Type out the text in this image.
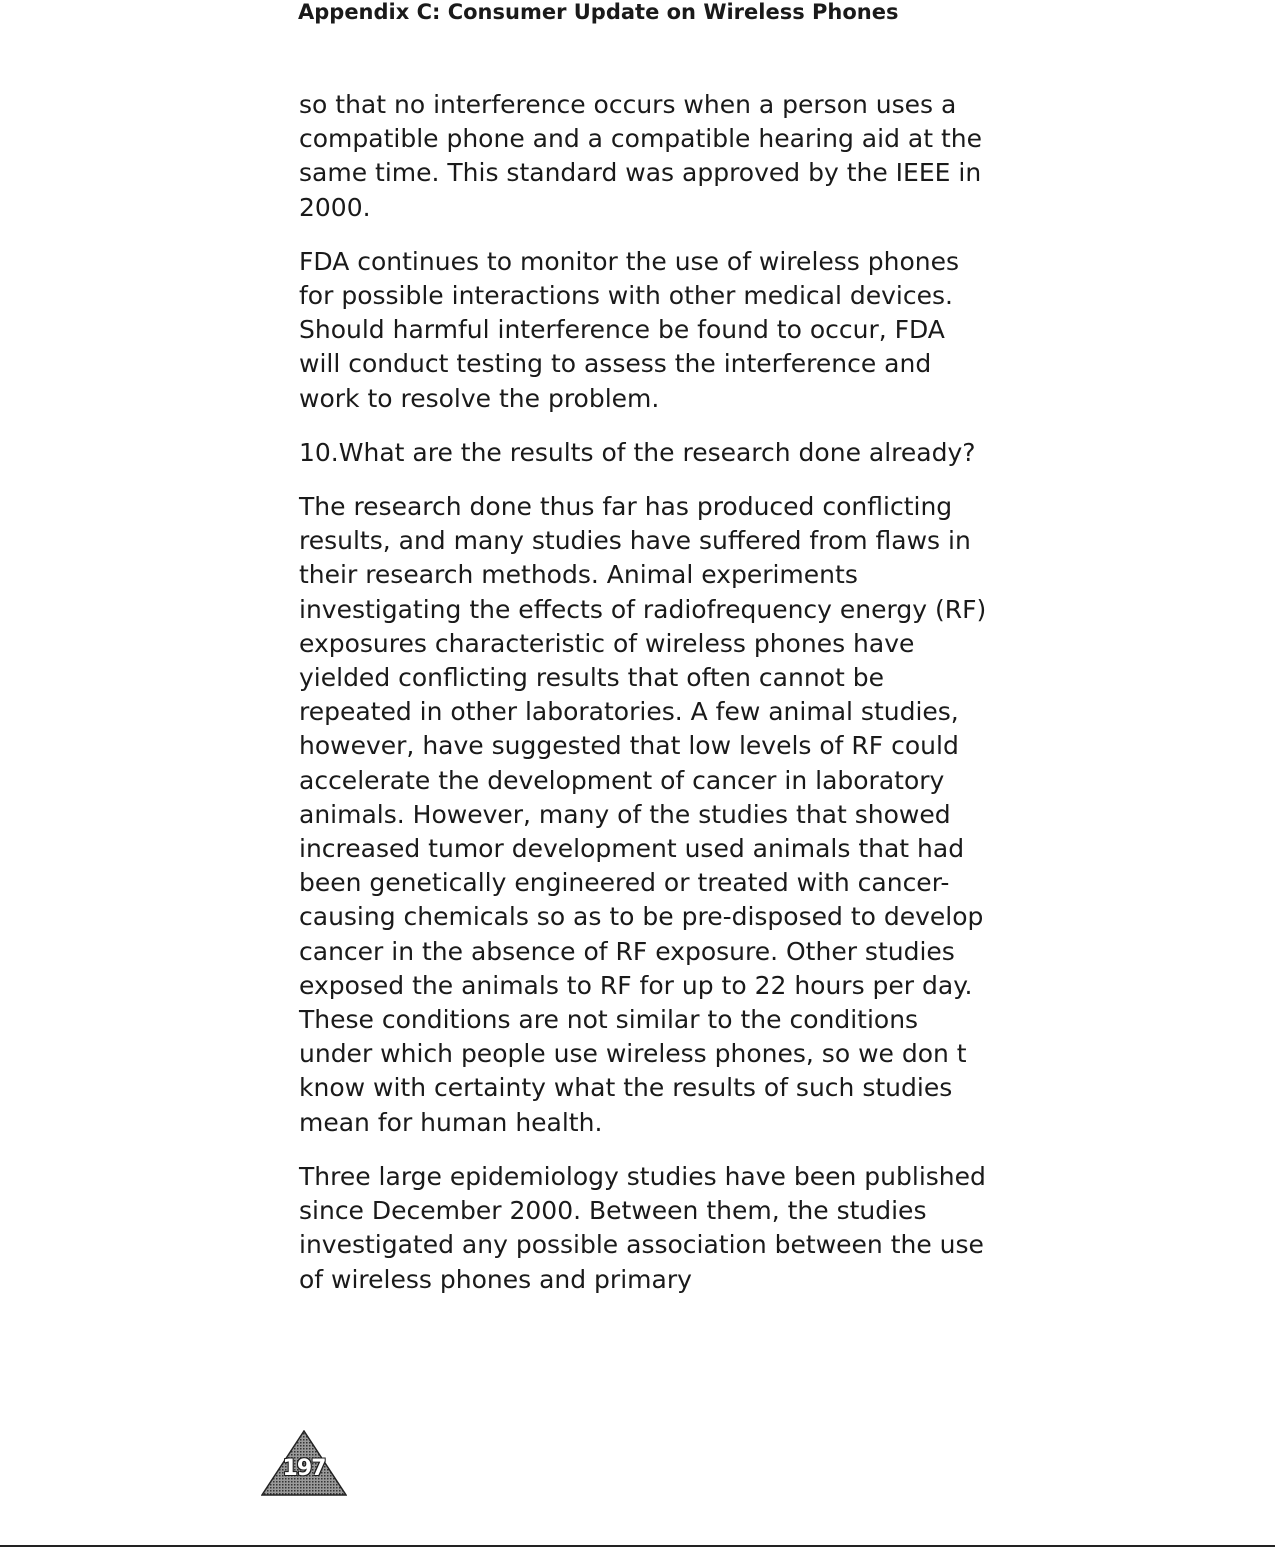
Appendix C: Consumer Update on Wireless Phones

so that no interference occurs when a person uses a compatible phone and a compatible hearing aid at the same time. This standard was approved by the IEEE in 2000.

FDA continues to monitor the use of wireless phones for possible interactions with other medical devices. Should harmful interference be found to occur, FDA will conduct testing to assess the interference and work to resolve the problem.

10.What are the results of the research done already?

The research done thus far has produced conflicting results, and many studies have suffered from flaws in their research methods. Animal experiments investigating the effects of radiofrequency energy (RF) exposures characteristic of wireless phones have yielded conflicting results that often cannot be repeated in other laboratories. A few animal studies, however, have suggested that low levels of RF could accelerate the development of cancer in laboratory animals. However, many of the studies that showed increased tumor development used animals that had been genetically engineered or treated with cancer-causing chemicals so as to be pre-disposed to develop cancer in the absence of RF exposure. Other studies exposed the animals to RF for up to 22 hours per day. These conditions are not similar to the conditions under which people use wireless phones, so we don t know with certainty what the results of such studies mean for human health.

Three large epidemiology studies have been published since December 2000. Between them, the studies investigated any possible association between the use of wireless phones and primary

197
